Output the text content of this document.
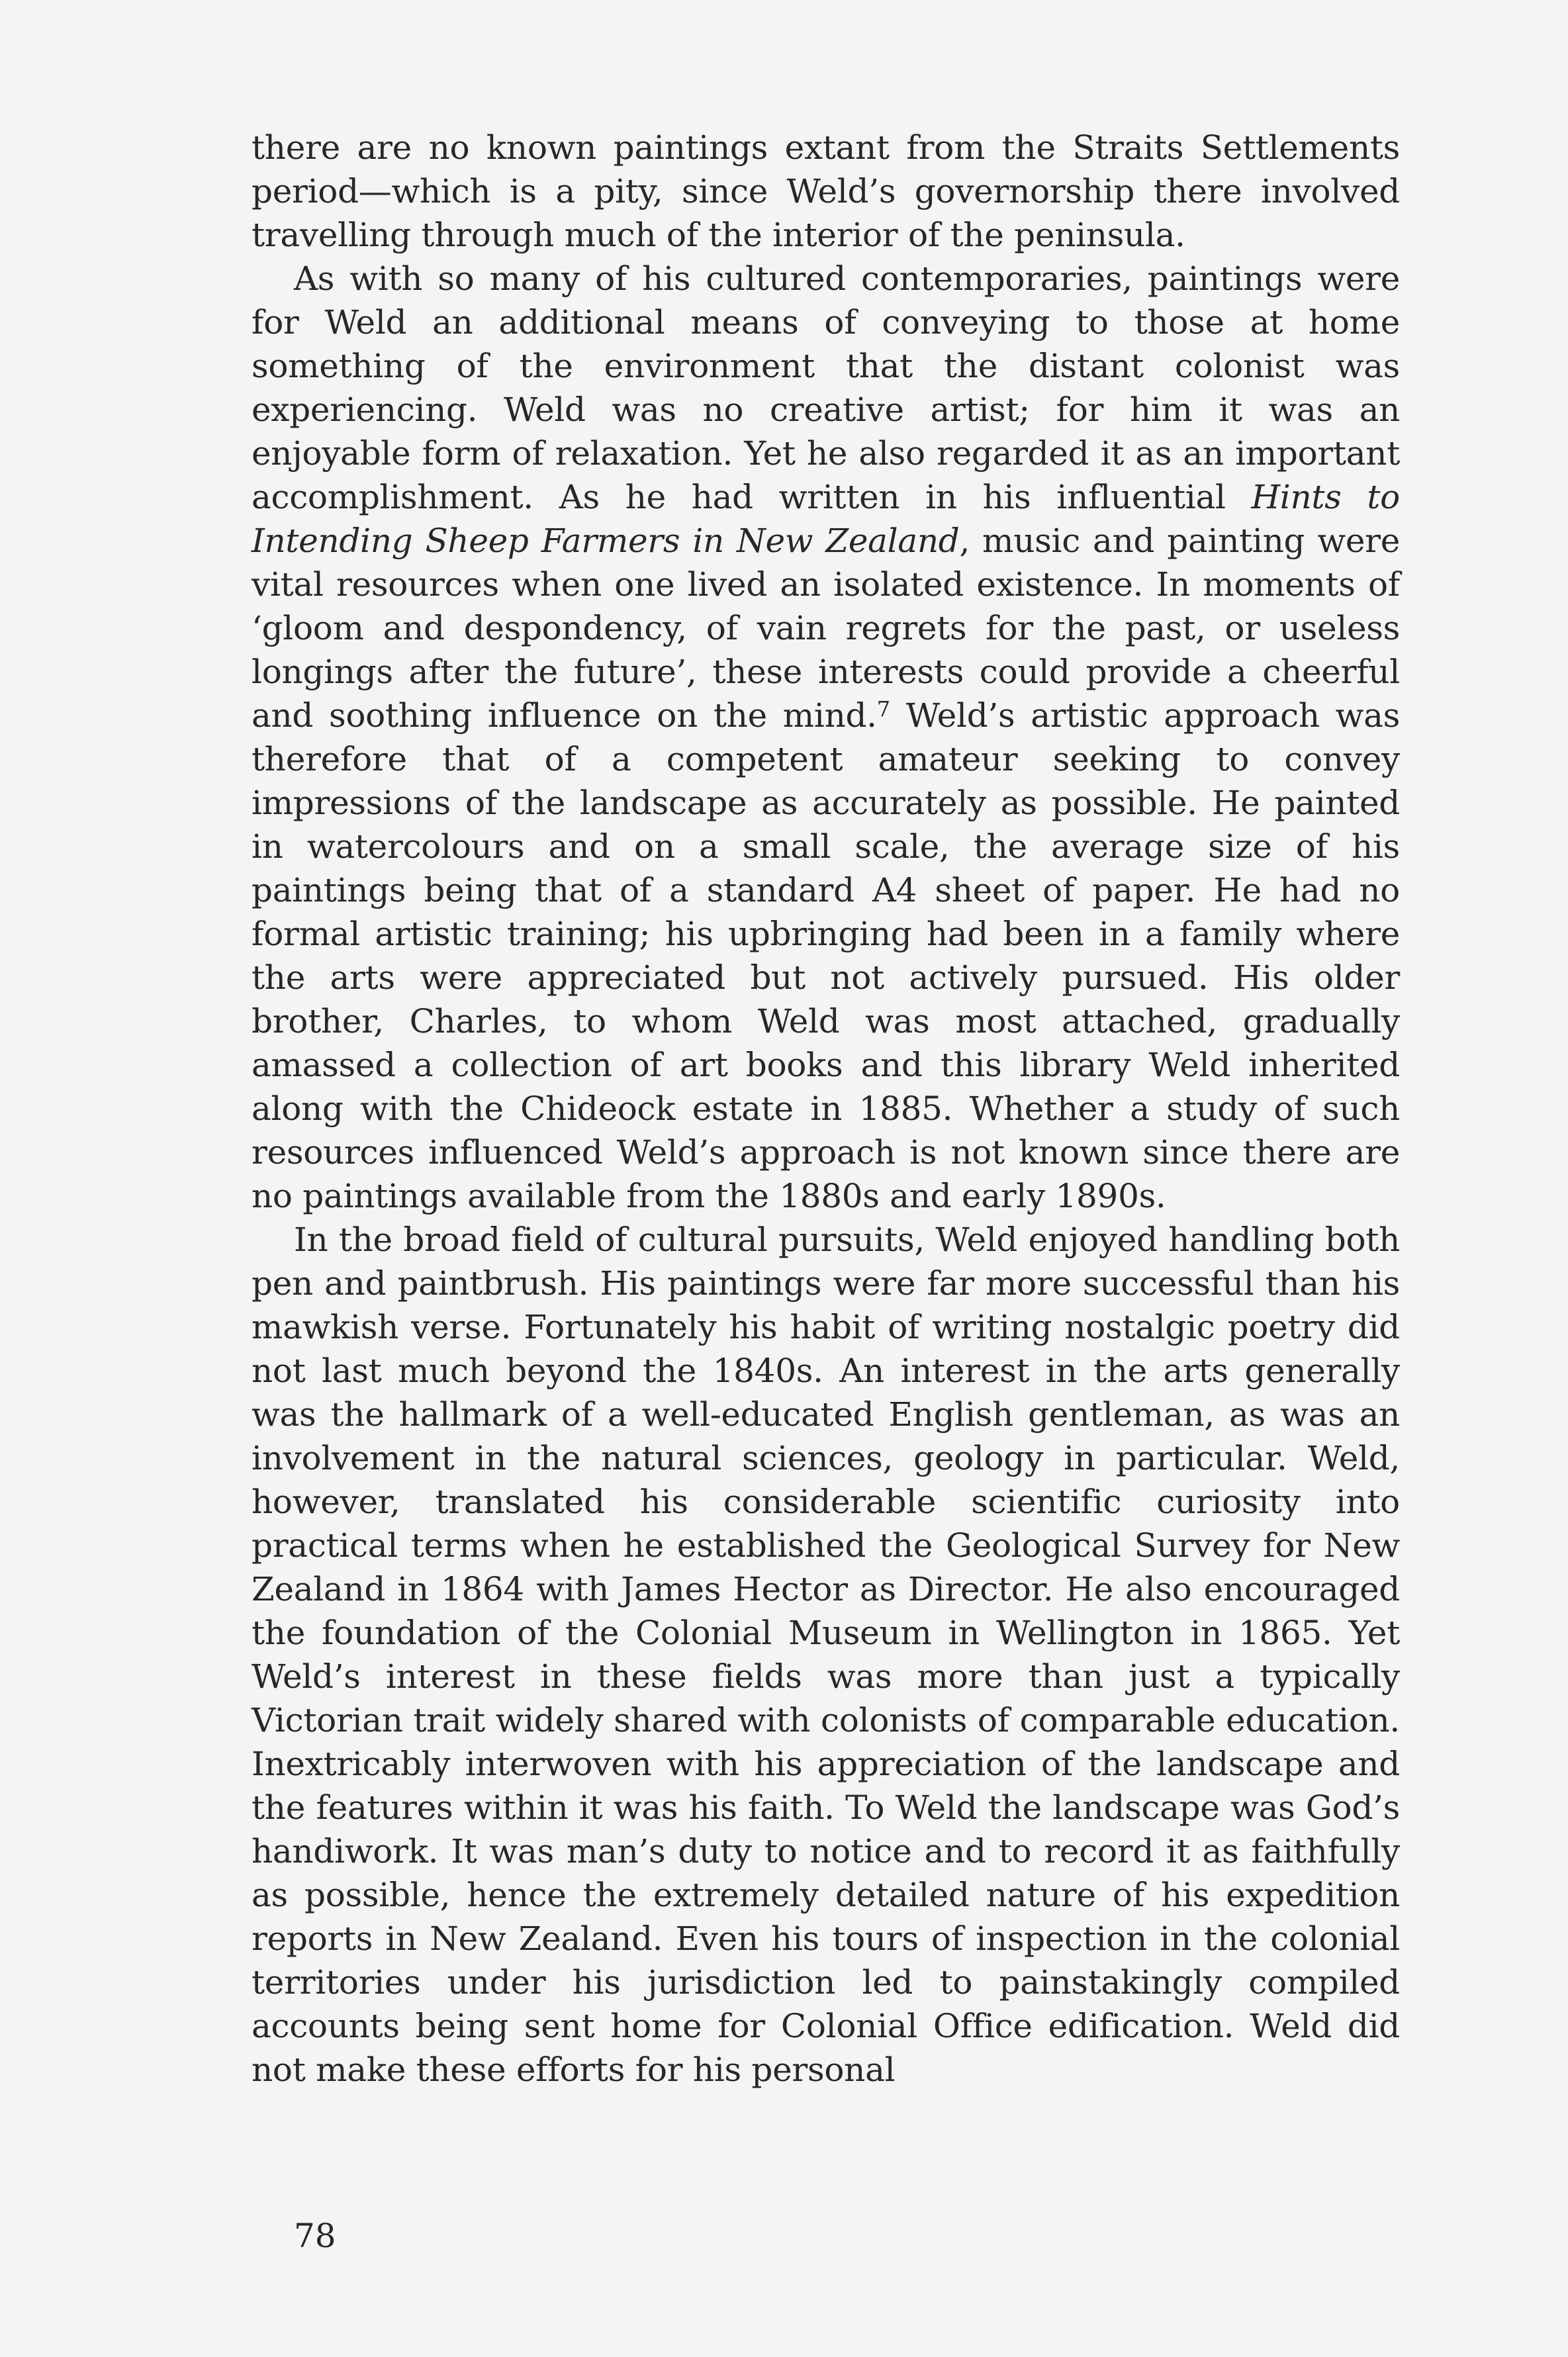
there are no known paintings extant from the Straits Settlements period—which is a pity, since Weld’s governorship there involved travelling through much of the interior of the peninsula.

As with so many of his cultured contemporaries, paintings were for Weld an additional means of conveying to those at home something of the environment that the distant colonist was experiencing. Weld was no creative artist; for him it was an enjoyable form of relaxation. Yet he also regarded it as an important accomplishment. As he had written in his influential Hints to Intending Sheep Farmers in New Zealand, music and painting were vital resources when one lived an isolated existence. In moments of ‘gloom and despondency, of vain regrets for the past, or useless longings after the future’, these interests could provide a cheerful and soothing influence on the mind.$^7$ Weld’s artistic approach was therefore that of a competent amateur seeking to convey impressions of the landscape as accurately as possible. He painted in watercolours and on a small scale, the average size of his paintings being that of a standard A4 sheet of paper. He had no formal artistic training; his upbringing had been in a family where the arts were appreciated but not actively pursued. His older brother, Charles, to whom Weld was most attached, gradually amassed a collection of art books and this library Weld inherited along with the Chideock estate in 1885. Whether a study of such resources influenced Weld’s approach is not known since there are no paintings available from the 1880s and early 1890s.

In the broad field of cultural pursuits, Weld enjoyed handling both pen and paintbrush. His paintings were far more successful than his mawkish verse. Fortunately his habit of writing nostalgic poetry did not last much beyond the 1840s. An interest in the arts generally was the hallmark of a well-educated English gentleman, as was an involvement in the natural sciences, geology in particular. Weld, however, translated his considerable scientific curiosity into practical terms when he established the Geological Survey for New Zealand in 1864 with James Hector as Director. He also encouraged the foundation of the Colonial Museum in Wellington in 1865. Yet Weld’s interest in these fields was more than just a typically Victorian trait widely shared with colonists of comparable education. Inextricably interwoven with his appreciation of the landscape and the features within it was his faith. To Weld the landscape was God’s handiwork. It was man’s duty to notice and to record it as faithfully as possible, hence the extremely detailed nature of his expedition reports in New Zealand. Even his tours of inspection in the colonial territories under his jurisdiction led to painstakingly compiled accounts being sent home for Colonial Office edification. Weld did not make these efforts for his personal

78
